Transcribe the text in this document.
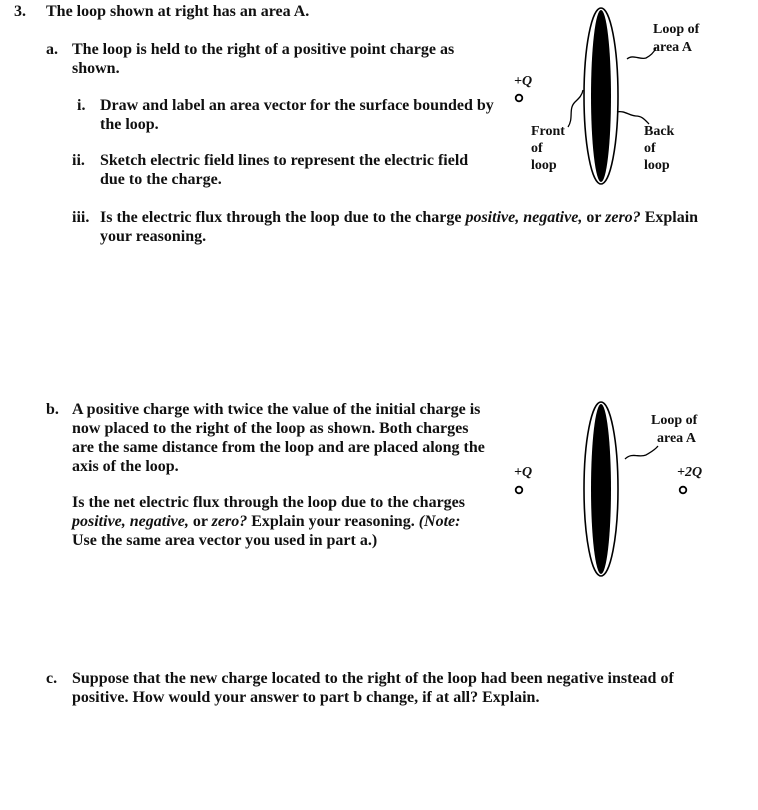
3. The loop shown at right has an area A.
a. The loop is held to the right of a positive point charge as
shown.
i. Draw and label an area vector for the surface bounded by
the loop.
ii. Sketch electric field lines to represent the electric field
due to the charge.
iii. Is the electric flux through the loop due to the charge positive, negative, or zero? Explain
your reasoning.
+Q
Loop of
area A
Front
of
loop
Back
of
loop
b. A positive charge with twice the value of the initial charge is
now placed to the right of the loop as shown. Both charges
are the same distance from the loop and are placed along the
axis of the loop.
Is the net electric flux through the loop due to the charges
positive, negative, or zero? Explain your reasoning. (Note:
Use the same area vector you used in part a.)
+Q	+2Q
Loop of
area A
c. Suppose that the new charge located to the right of the loop had been negative instead of
positive. How would your answer to part b change, if at all? Explain.
